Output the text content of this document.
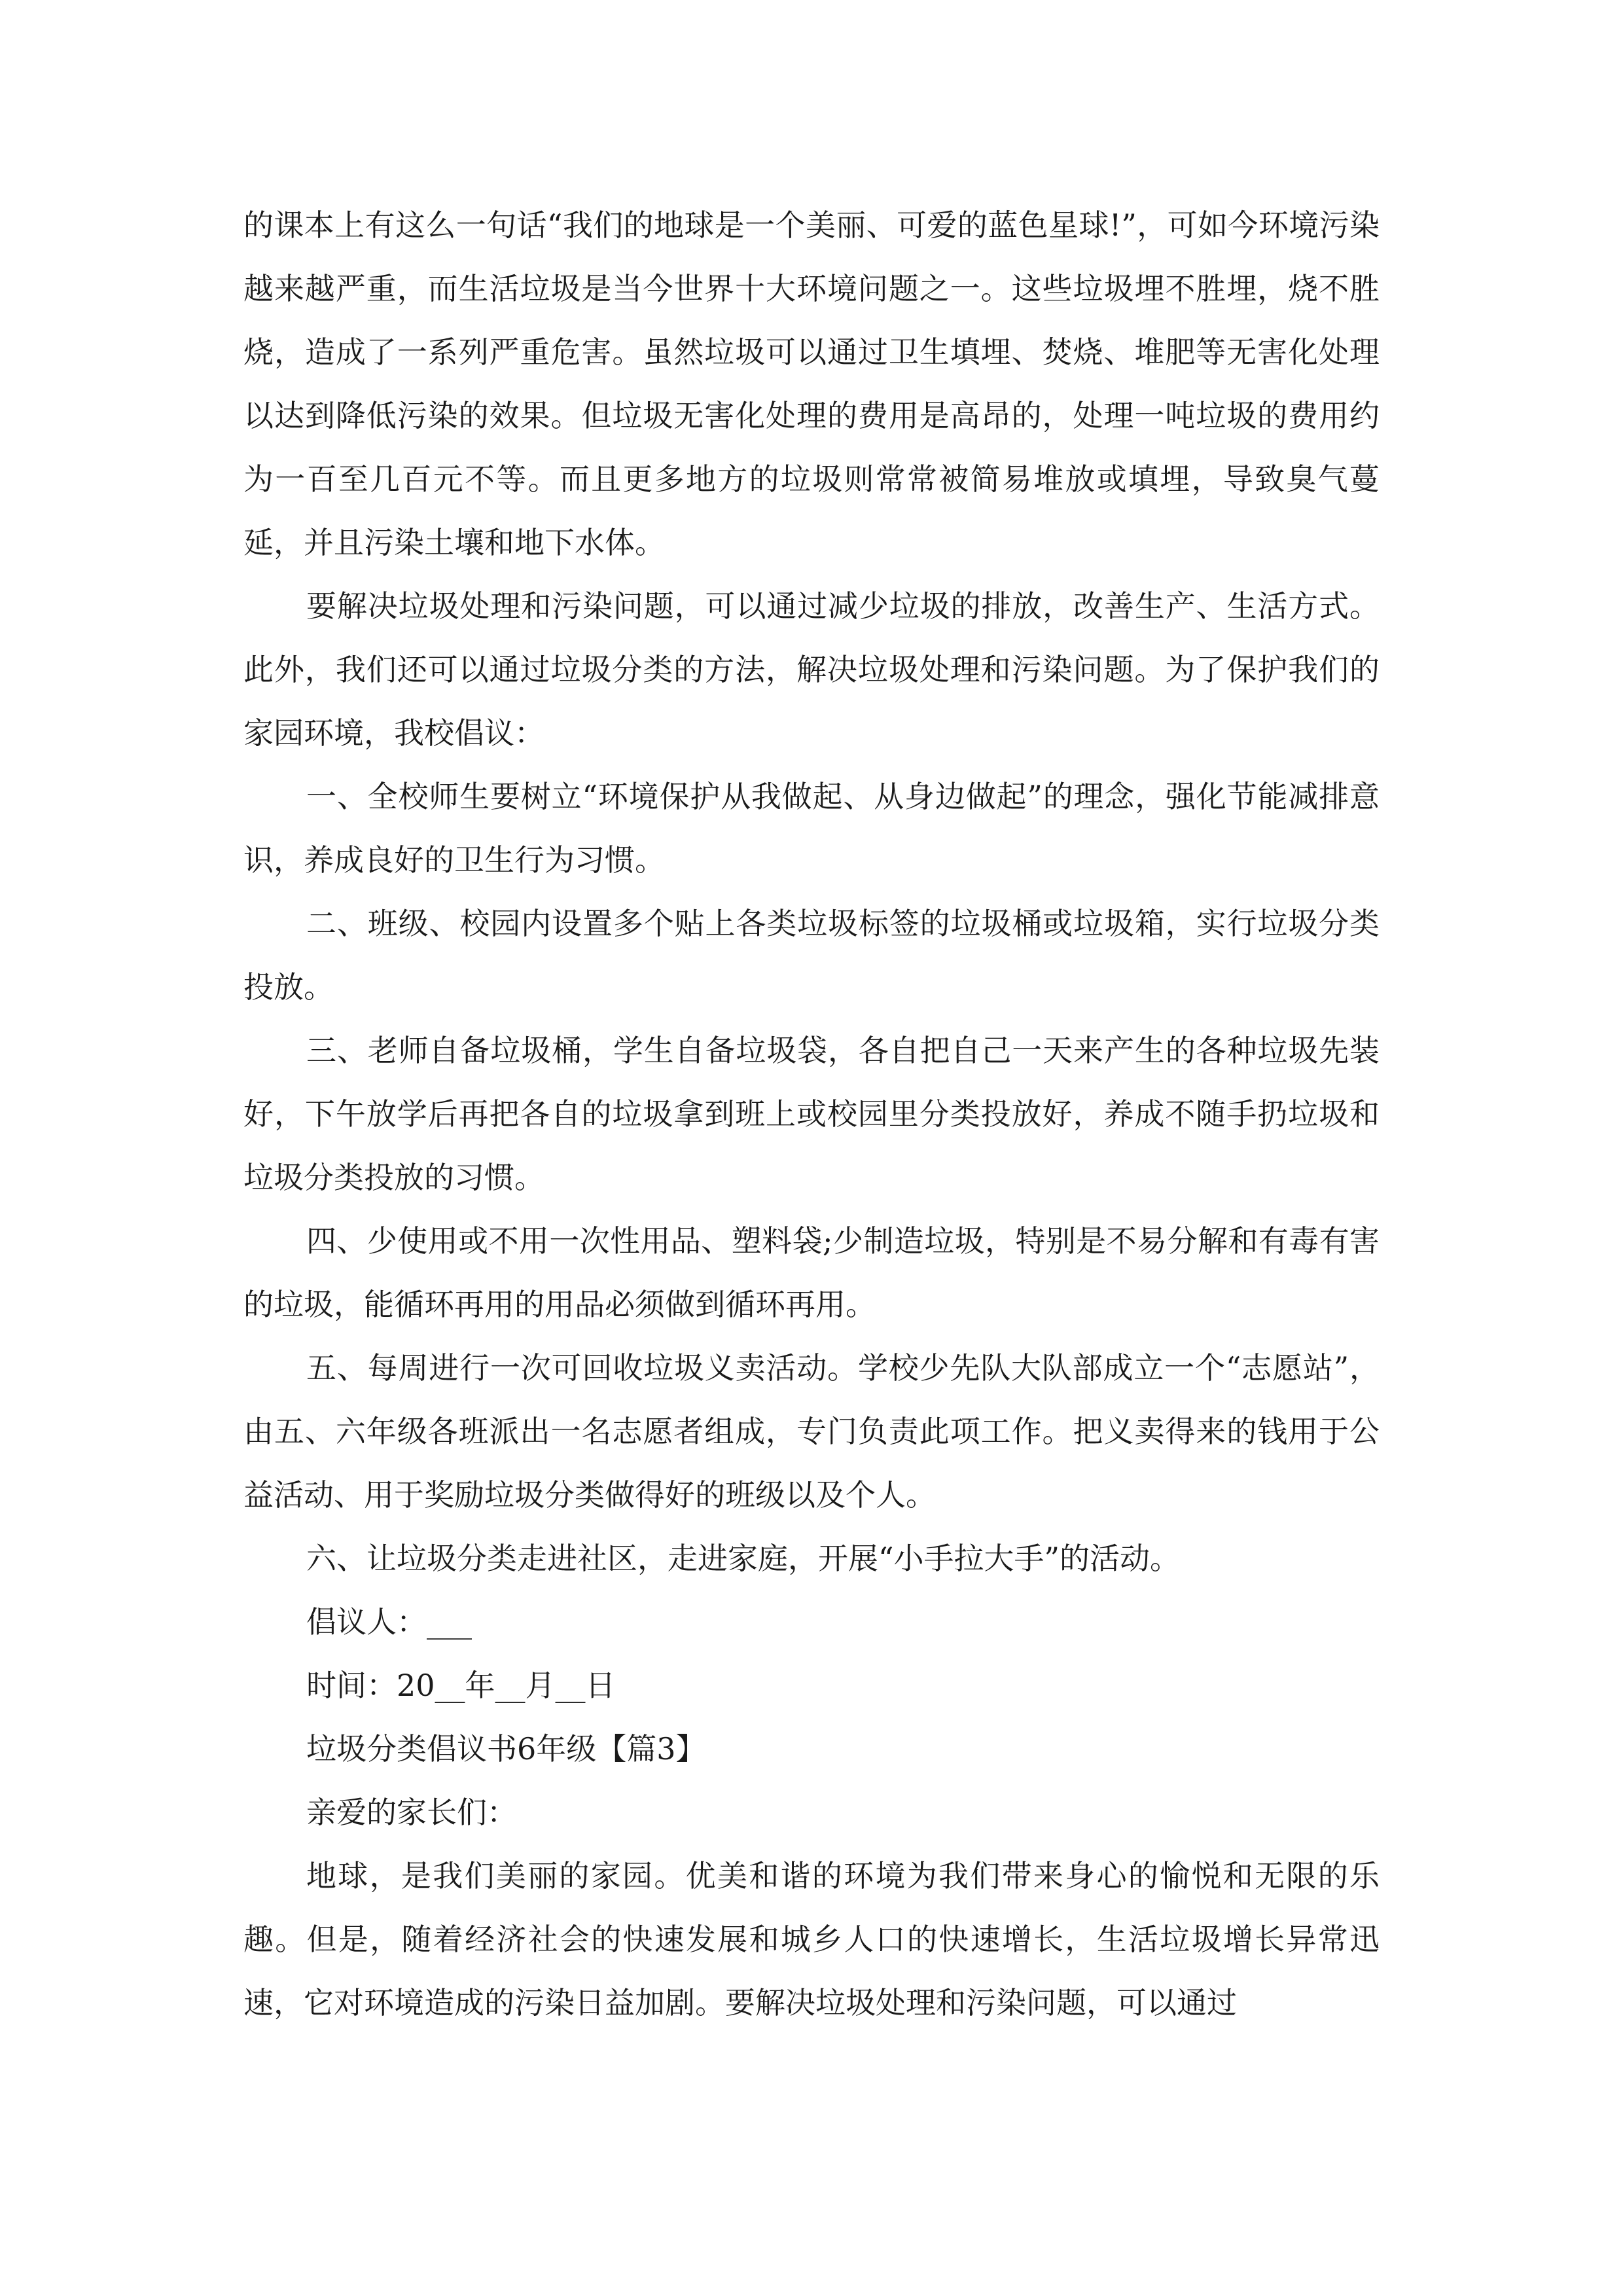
的课本上有这么一句话“我们的地球是一个美丽、可爱的蓝色星球!”，可如今环境污染越来越严重，而生活垃圾是当今世界十大环境问题之一。这些垃圾埋不胜埋，烧不胜烧，造成了一系列严重危害。虽然垃圾可以通过卫生填埋、焚烧、堆肥等无害化处理以达到降低污染的效果。但垃圾无害化处理的费用是高昂的，处理一吨垃圾的费用约为一百至几百元不等。而且更多地方的垃圾则常常被简易堆放或填埋，导致臭气蔓延，并且污染土壤和地下水体。

要解决垃圾处理和污染问题，可以通过减少垃圾的排放，改善生产、生活方式。此外，我们还可以通过垃圾分类的方法，解决垃圾处理和污染问题。为了保护我们的家园环境，我校倡议：

一、全校师生要树立“环境保护从我做起、从身边做起”的理念，强化节能减排意识，养成良好的卫生行为习惯。

二、班级、校园内设置多个贴上各类垃圾标签的垃圾桶或垃圾箱，实行垃圾分类投放。

三、老师自备垃圾桶，学生自备垃圾袋，各自把自己一天来产生的各种垃圾先装好，下午放学后再把各自的垃圾拿到班上或校园里分类投放好，养成不随手扔垃圾和垃圾分类投放的习惯。

四、少使用或不用一次性用品、塑料袋;少制造垃圾，特别是不易分解和有毒有害的垃圾，能循环再用的用品必须做到循环再用。

五、每周进行一次可回收垃圾义卖活动。学校少先队大队部成立一个“志愿站”，由五、六年级各班派出一名志愿者组成，专门负责此项工作。把义卖得来的钱用于公益活动、用于奖励垃圾分类做得好的班级以及个人。

六、让垃圾分类走进社区，走进家庭，开展“小手拉大手”的活动。

倡议人：___

时间：20__年__月__日

垃圾分类倡议书6年级【篇3】

亲爱的家长们：

地球，是我们美丽的家园。优美和谐的环境为我们带来身心的愉悦和无限的乐趣。但是，随着经济社会的快速发展和城乡人口的快速增长，生活垃圾增长异常迅速，它对环境造成的污染日益加剧。要解决垃圾处理和污染问题，可以通过
